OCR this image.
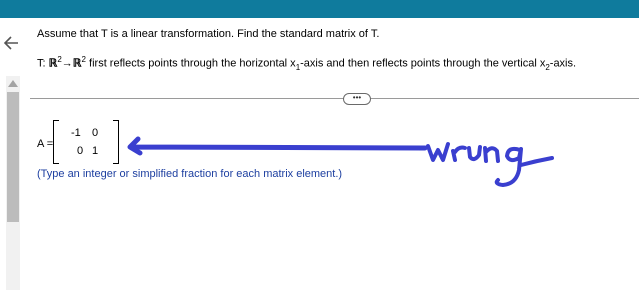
Assume that T is a linear transformation. Find the standard matrix of T.
T: ℝ$^2$→ℝ$^2$ first reflects points through the horizontal $x_1$-axis and then reflects points through the vertical $x_2$-axis.
•••
A =
-1 0
0 1
(Type an integer or simplified fraction for each matrix element.)
